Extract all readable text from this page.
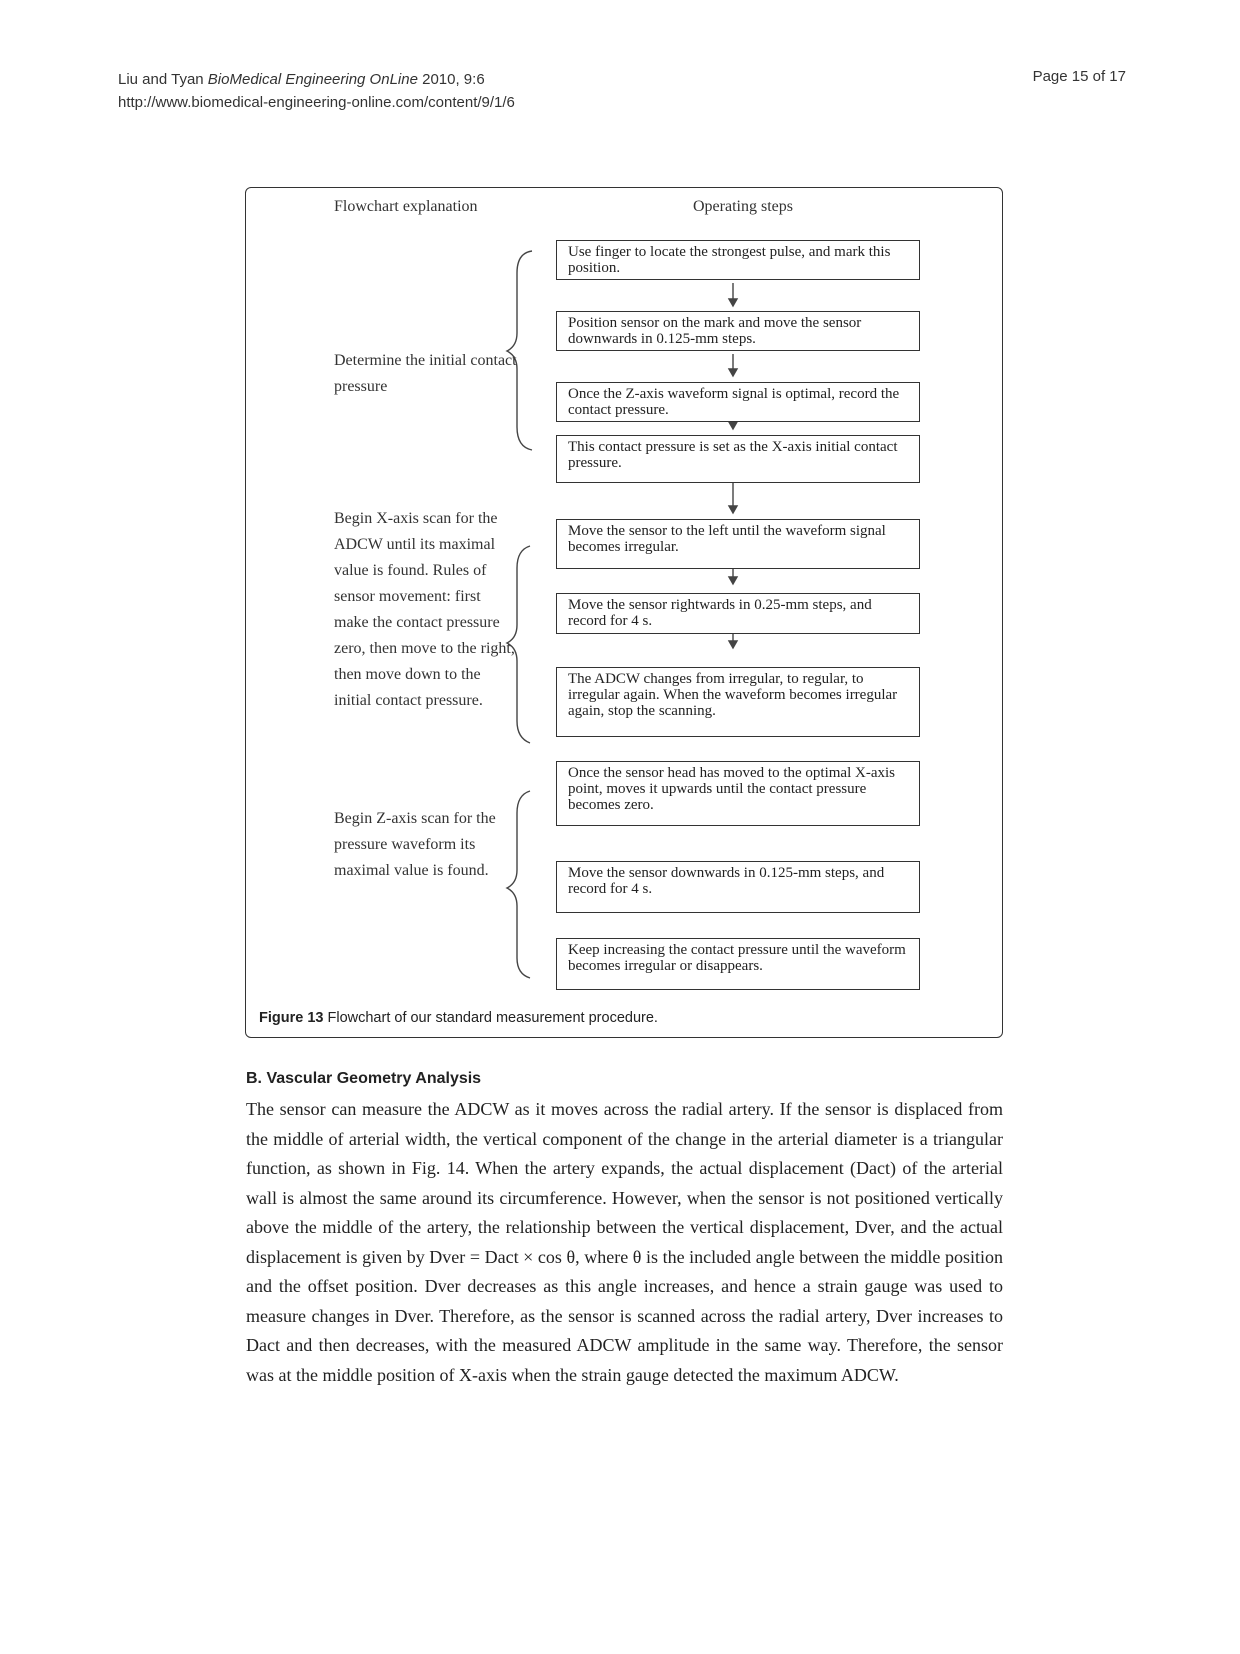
Liu and Tyan BioMedical Engineering OnLine 2010, 9:6
http://www.biomedical-engineering-online.com/content/9/1/6
Page 15 of 17
Flowchart explanation	Operating steps
Determine the initial contact pressure
Begin X-axis scan for the ADCW until its maximal value is found. Rules of sensor movement: first make the contact pressure zero, then move to the right, then move down to the initial contact pressure.
Begin Z-axis scan for the pressure waveform its maximal value is found.
Use finger to locate the strongest pulse, and mark this position.
Position sensor on the mark and move the sensor downwards in 0.125-mm steps.
Once the Z-axis waveform signal is optimal, record the contact pressure.
This contact pressure is set as the X-axis initial contact pressure.
Move the sensor to the left until the waveform signal becomes irregular.
Move the sensor rightwards in 0.25-mm steps, and record for 4 s.
The ADCW changes from irregular, to regular, to irregular again. When the waveform becomes irregular again, stop the scanning.
Once the sensor head has moved to the optimal X-axis point, moves it upwards until the contact pressure becomes zero.
Move the sensor downwards in 0.125-mm steps, and record for 4 s.
Keep increasing the contact pressure until the waveform becomes irregular or disappears.
Figure 13 Flowchart of our standard measurement procedure.
B. Vascular Geometry Analysis

The sensor can measure the ADCW as it moves across the radial artery. If the sensor is displaced from the middle of arterial width, the vertical component of the change in the arterial diameter is a triangular function, as shown in Fig. 14. When the artery expands, the actual displacement (Dact) of the arterial wall is almost the same around its circumference. However, when the sensor is not positioned vertically above the middle of the artery, the relationship between the vertical displacement, Dver, and the actual displacement is given by Dver = Dact × cos θ, where θ is the included angle between the middle position and the offset position. Dver decreases as this angle increases, and hence a strain gauge was used to measure changes in Dver. Therefore, as the sensor is scanned across the radial artery, Dver increases to Dact and then decreases, with the measured ADCW amplitude in the same way. Therefore, the sensor was at the middle position of X-axis when the strain gauge detected the maximum ADCW.
